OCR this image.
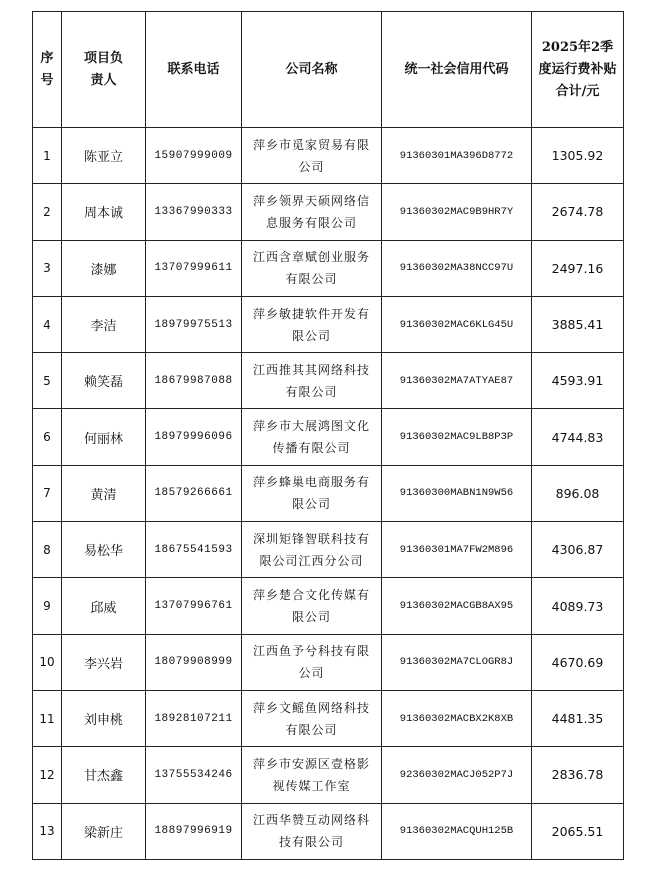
序号	项目负责人	联系电话	公司名称	统一社会信用代码	2025年2季度运行费补贴合计/元
1	陈亚立	15907999009	萍乡市觅家贸易有限公司	91360301MA396D8772	1305.92
2	周本诚	13367990333	萍乡领界天硕网络信息服务有限公司	91360302MAC9B9HR7Y	2674.78
3	漆娜	13707999611	江西含章赋创业服务有限公司	91360302MA38NCC97U	2497.16
4	李洁	18979975513	萍乡敏捷软件开发有限公司	91360302MAC6KLG45U	3885.41
5	赖笑磊	18679987088	江西推其其网络科技有限公司	91360302MA7ATYAE87	4593.91
6	何丽林	18979996096	萍乡市大展鸿图文化传播有限公司	91360302MAC9LB8P3P	4744.83
7	黄清	18579266661	萍乡蜂巢电商服务有限公司	91360300MABN1N9W56	896.08
8	易松华	18675541593	深圳矩锋智联科技有限公司江西分公司	91360301MA7FW2M896	4306.87
9	邱威	13707996761	萍乡楚合文化传媒有限公司	91360302MACGB8AX95	4089.73
10	李兴岩	18079908999	江西鱼予兮科技有限公司	91360302MA7CLOGR8J	4670.69
11	刘申桃	18928107211	萍乡文鳐鱼网络科技有限公司	91360302MACBX2K8XB	4481.35
12	甘杰鑫	13755534246	萍乡市安源区壹格影视传媒工作室	92360302MACJ052P7J	2836.78
13	梁新庄	18897996919	江西华赞互动网络科技有限公司	91360302MACQUH125B	2065.51
